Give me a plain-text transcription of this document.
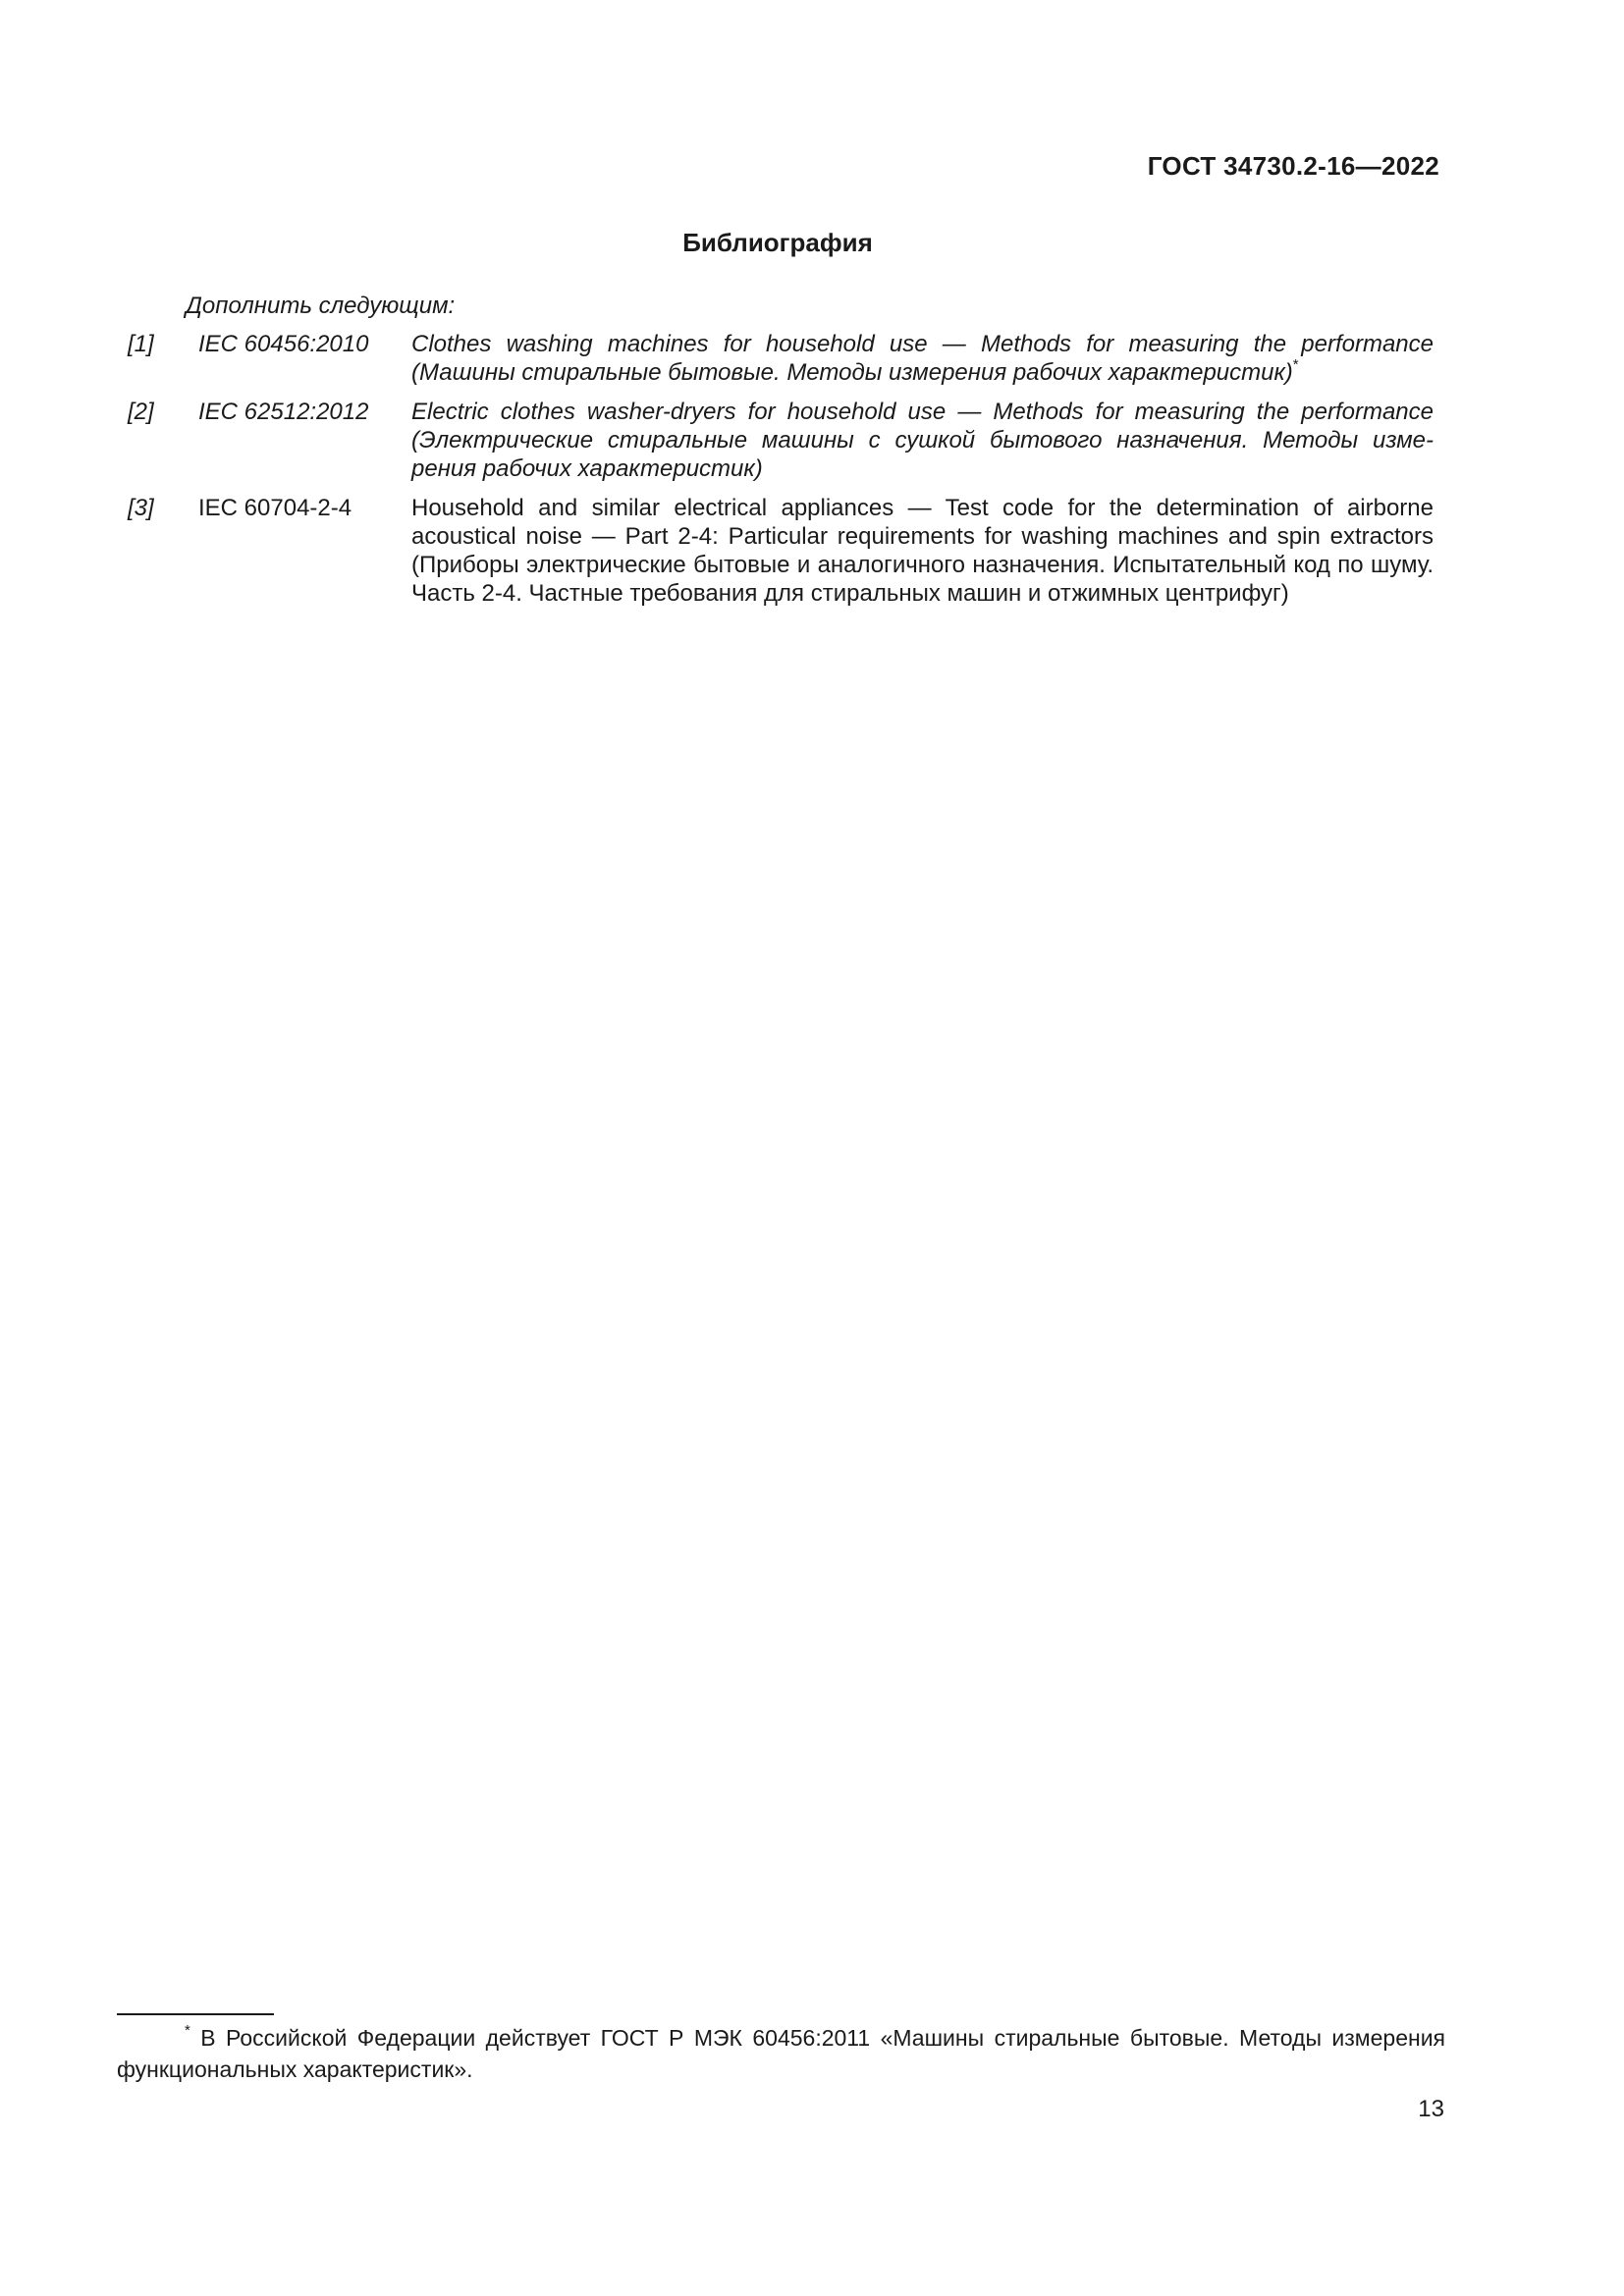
ГОСТ 34730.2-16—2022
Библиография
Дополнить следующим:
[1]	IEC 60456:2010	Clothes washing machines for household use — Methods for measuring the performance (Машины стиральные бытовые. Методы измерения рабочих характеристик)*
[2]	IEC 62512:2012	Electric clothes washer-dryers for household use — Methods for measuring the performance (Электрические стиральные машины с сушкой бытового назначения. Методы изме-рения рабочих характеристик)
[3]	IEC 60704-2-4	Household and similar electrical appliances — Test code for the determination of airborne acoustical noise — Part 2-4: Particular requirements for washing machines and spin extractors (Приборы электрические бытовые и аналогичного назначения. Испытательный код по шуму. Часть 2-4. Частные требования для стиральных машин и отжимных центрифуг)
* В Российской Федерации действует ГОСТ Р МЭК 60456:2011 «Машины стиральные бытовые. Методы измерения функциональных характеристик».
13
